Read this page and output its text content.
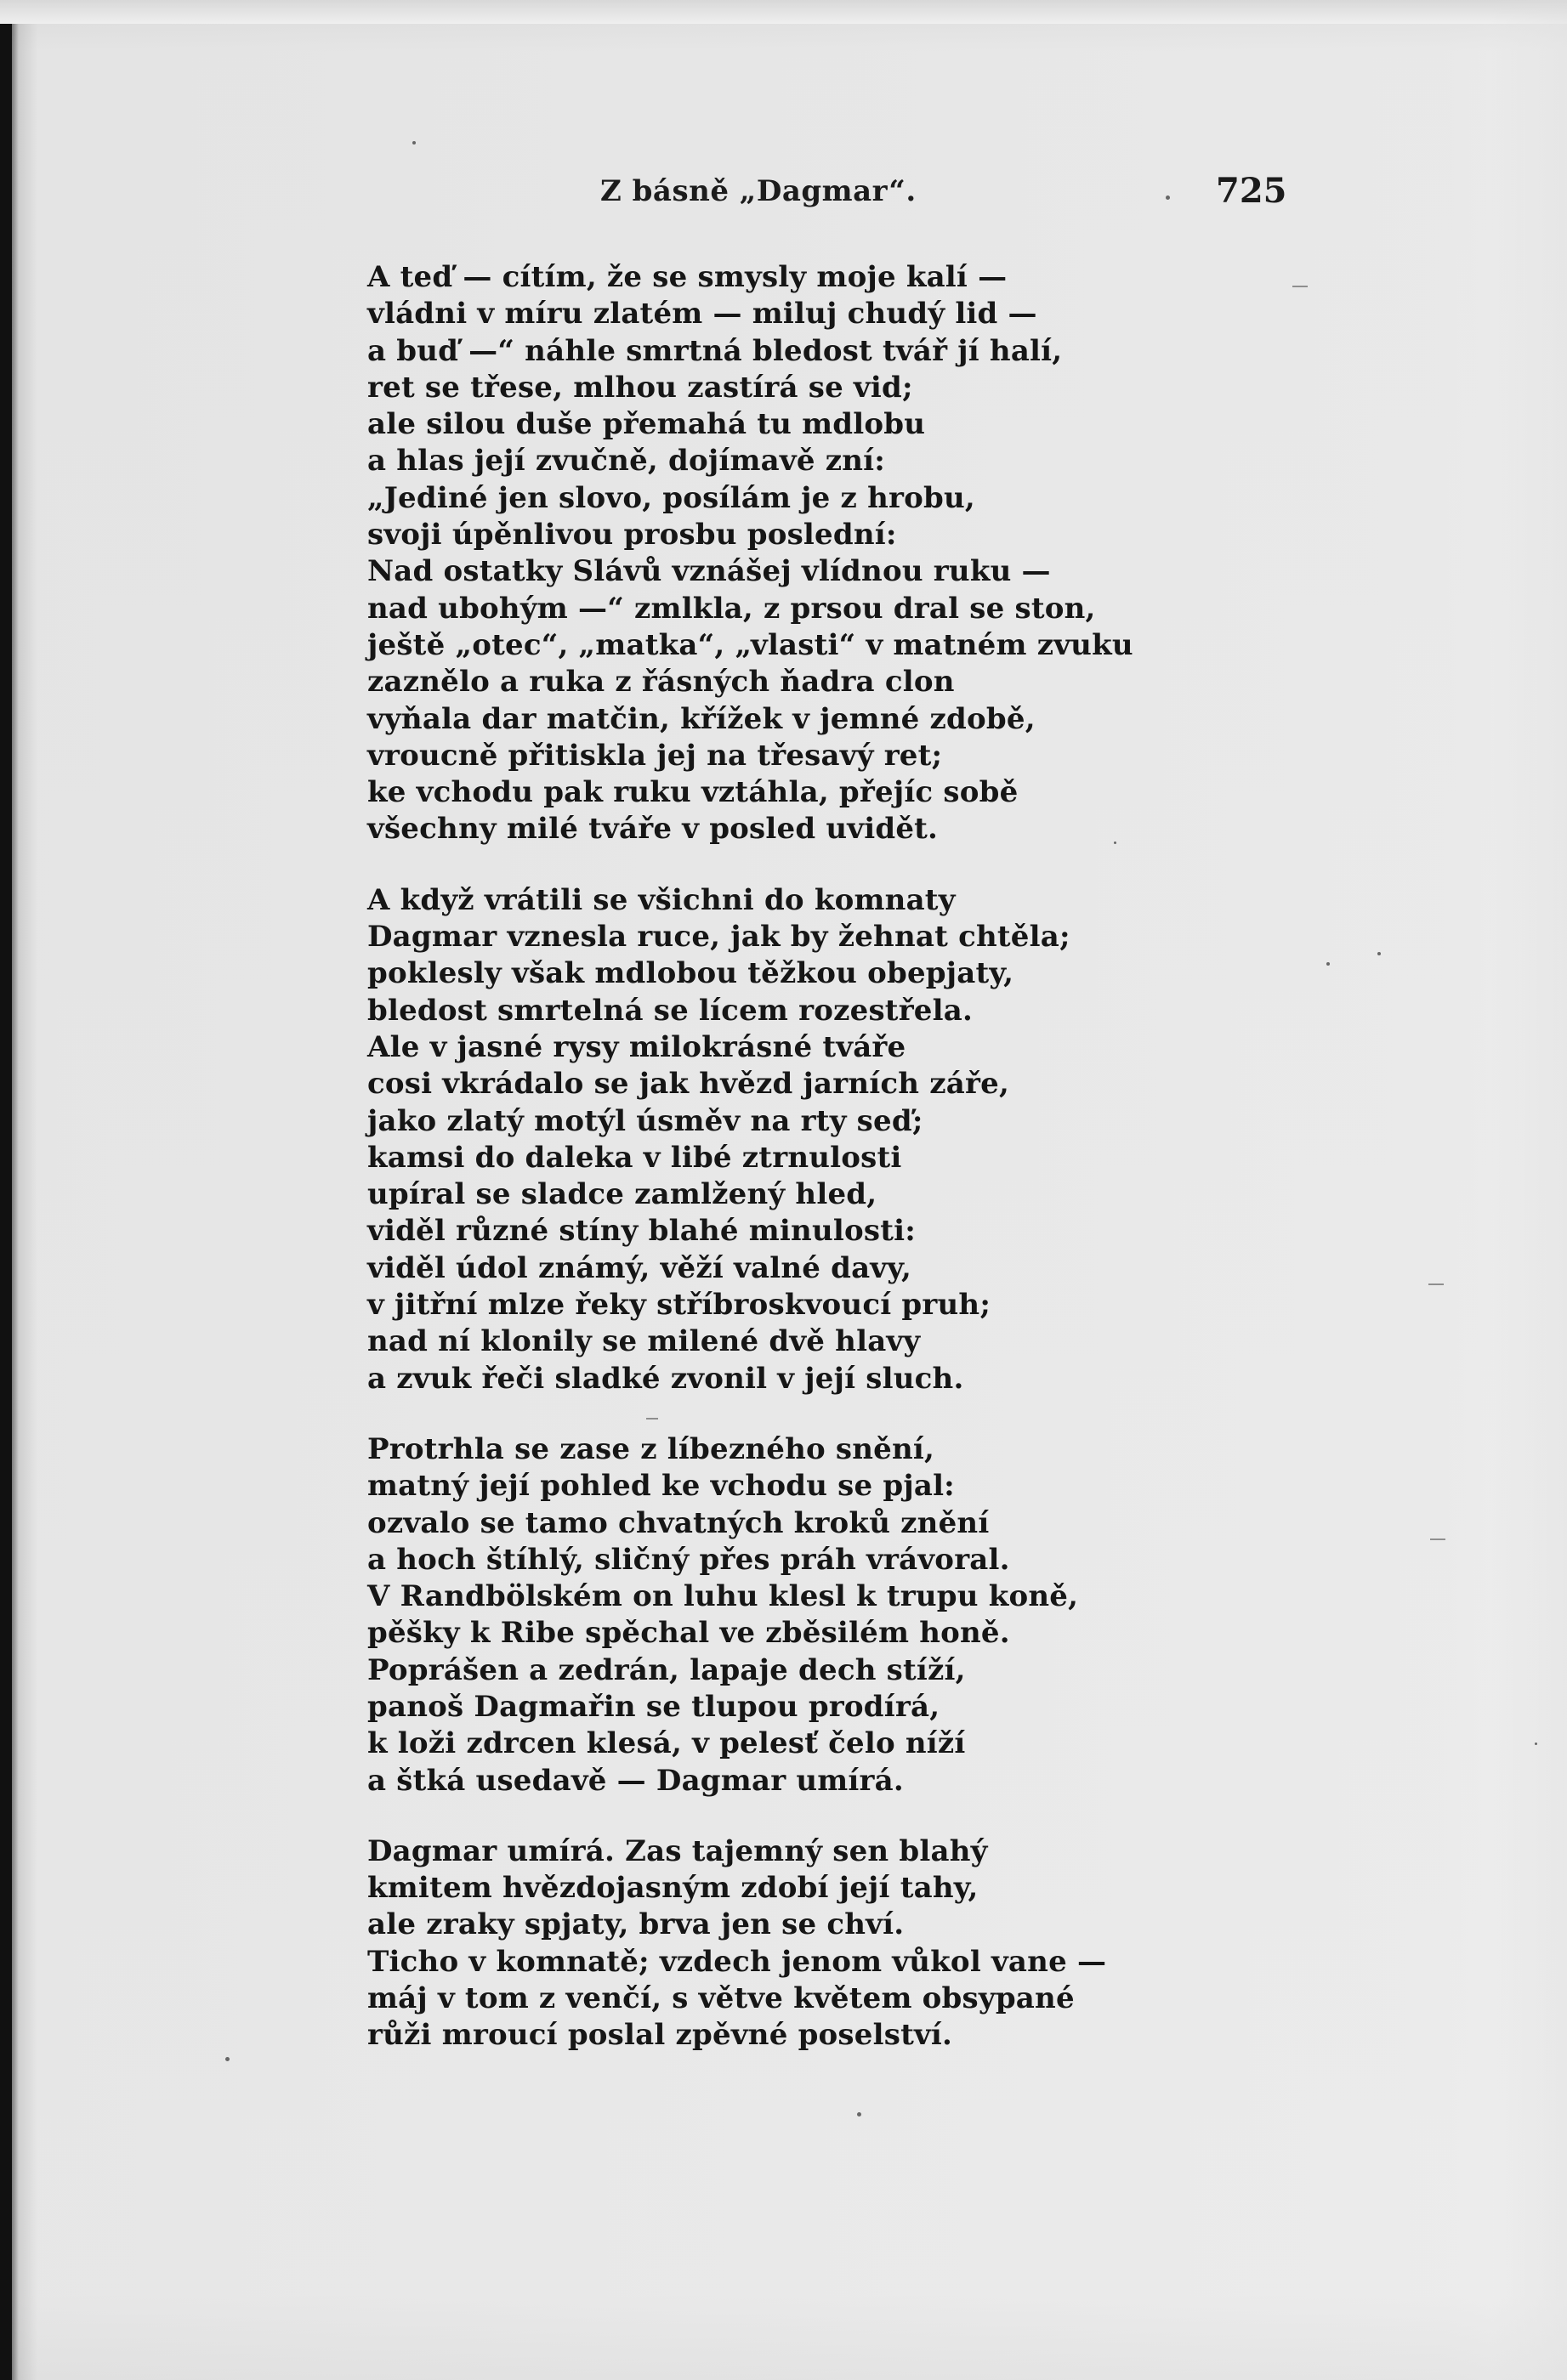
Z básně „Dagmar“.	725
A teď — cítím, že se smysly moje kalí —
vládni v míru zlatém — miluj chudý lid —
a buď —“ náhle smrtná bledost tvář jí halí,
ret se třese, mlhou zastírá se vid;
ale silou duše přemahá tu mdlobu
a hlas její zvučně, dojímavě zní:
„Jediné jen slovo, posílám je z hrobu,
svoji úpěnlivou prosbu poslední:
Nad ostatky Slávů vznášej vlídnou ruku —
nad ubohým —“ zmlkla, z prsou dral se ston,
ještě „otec“, „matka“, „vlasti“ v matném zvuku
zaznělo a ruka z řásných ňadra clon
vyňala dar matčin, křížek v jemné zdobě,
vroucně přitiskla jej na třesavý ret;
ke vchodu pak ruku vztáhla, přejíc sobě
všechny milé tváře v posled uvidět.
A když vrátili se všichni do komnaty
Dagmar vznesla ruce, jak by žehnat chtěla;
poklesly však mdlobou těžkou obepjaty,
bledost smrtelná se lícem rozestřela.
Ale v jasné rysy milokrásné tváře
cosi vkrádalo se jak hvězd jarních záře,
jako zlatý motýl úsměv na rty seď;
kamsi do daleka v libé ztrnulosti
upíral se sladce zamlžený hled,
viděl různé stíny blahé minulosti:
viděl údol známý, věží valné davy,
v jitřní mlze řeky stříbroskvoucí pruh;
nad ní klonily se milené dvě hlavy
a zvuk řeči sladké zvonil v její sluch.
Protrhla se zase z líbezného snění,
matný její pohled ke vchodu se pjal:
ozvalo se tamo chvatných kroků znění
a hoch štíhlý, sličný přes práh vrávoral.
V Randbölském on luhu klesl k trupu koně,
pěšky k Ribe spěchal ve zběsilém honě.
Poprášen a zedrán, lapaje dech stíží,
panoš Dagmařin se tlupou prodírá,
k loži zdrcen klesá, v pelesť čelo níží
a štká usedavě — Dagmar umírá.
Dagmar umírá. Zas tajemný sen blahý
kmitem hvězdojasným zdobí její tahy,
ale zraky spjaty, brva jen se chví.
Ticho v komnatě; vzdech jenom vůkol vane —
máj v tom z venčí, s větve květem obsypané
růži mroucí poslal zpěvné poselství.
